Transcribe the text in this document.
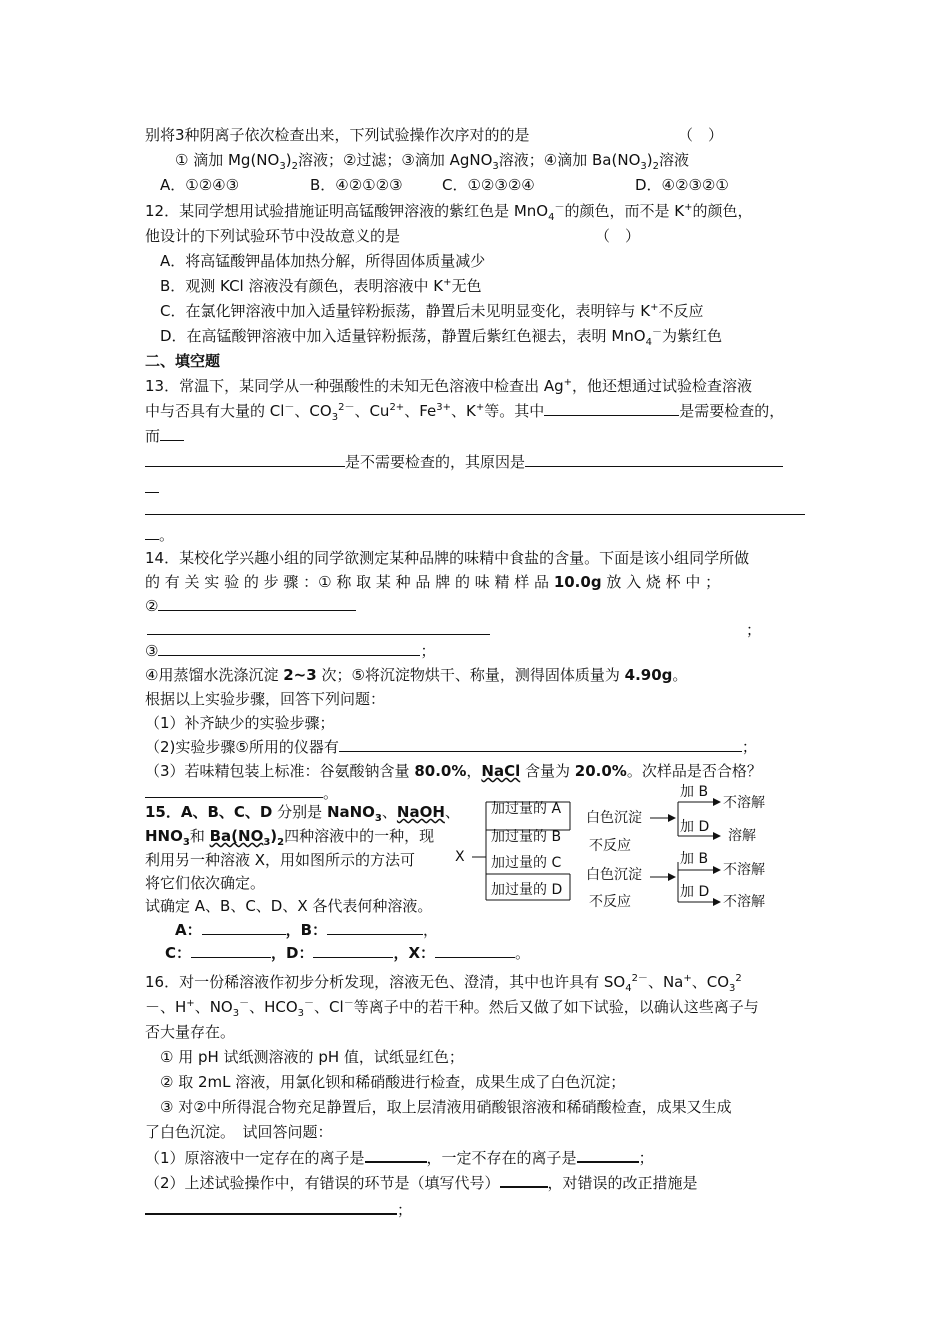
别将3种阴离子依次检查出来，下列试验操作次序对的的是	（　）
① 滴加 $Mg(NO_3)_2$溶液；②过滤；③滴加 AgNO$_3$溶液；④滴加 $Ba(NO_3)_2$溶液
A．①②④③	B．④②①②③	C．①②③②④	D．④②③②①
12．某同学想用试验措施证明高锰酸钾溶液的紫红色是 MnO$_4$－的颜色，而不是 K+的颜色，
他设计的下列试验环节中没故意义的是	（　）
A．将高锰酸钾晶体加热分解，所得固体质量减少
B．观测 KCl 溶液没有颜色，表明溶液中 K+无色
C．在氯化钾溶液中加入适量锌粉振荡，静置后未见明显变化，表明锌与 K+不反应
D．在高锰酸钾溶液中加入适量锌粉振荡，静置后紫红色褪去，表明 MnO$_4$－为紫红色
二、填空题
13．常温下，某同学从一种强酸性的未知无色溶液中检查出 Ag+，他还想通过试验检查溶液
中与否具有大量的 Cl－、$CO_3^{2-}$、$Cu^{2+}$、$Fe^{3+}$、K+等。其中	是需要检查的，
而
是不需要检查的，其原因是
。
14．某校化学兴趣小组的同学欲测定某种品牌的味精中食盐的含量。下面是该小组同学所做
的 有 关 实 验 的 步 骤 ：① 称 取 某 种 品 牌 的 味 精 样 品 10.0g 放 入 烧 杯 中 ；
②
；
③	；
④用蒸馏水洗涤沉淀 2~3 次；⑤将沉淀物烘干、称量，测得固体质量为 4.90g。
根据以上实验步骤，回答下列问题：
（1）补齐缺少的实验步骤；
（2)实验步骤⑤所用的仪器有	；
（3）若味精包装上标准：谷氨酸钠含量 80.0%，NaCl 含量为 20.0%。次样品是否合格？
。
15．A、B、C、D 分别是 NaNO$_3$、NaOH、
$HNO_3$和 $Ba(NO_3)_2$四种溶液中的一种，现
利用另一种溶液 X，用如图所示的方法可
将它们依次确定。
试确定 A、B、C、D、X 各代表何种溶液。
A：	，B：	，
C：	，D：	，X：	。
X
加过量的 A
加过量的 B
加过量的 C
加过量的 D
白色沉淀
不反应
白色沉淀
不反应
加 B
不溶解
加 D
溶解
加 B
不溶解
加 D
不溶解
16．对一份稀溶液作初步分析发现，溶液无色、澄清，其中也许具有 $SO_4^{2-}$、Na+、$CO_3^2$
－、H+、$NO_3^-$、$HCO_3^-$、Cl－等离子中的若干种。然后又做了如下试验，以确认这些离子与
否大量存在。
① 用 pH 试纸测溶液的 pH 值，试纸显红色；
② 取 2mL 溶液，用氯化钡和稀硝酸进行检查，成果生成了白色沉淀；
③ 对②中所得混合物充足静置后，取上层清液用硝酸银溶液和稀硝酸检查，成果又生成
了白色沉淀。　试回答问题：
（1）原溶液中一定存在的离子是	，一定不存在的离子是	；
（2）上述试验操作中，有错误的环节是（填写代号）	，对错误的改正措施是
；
